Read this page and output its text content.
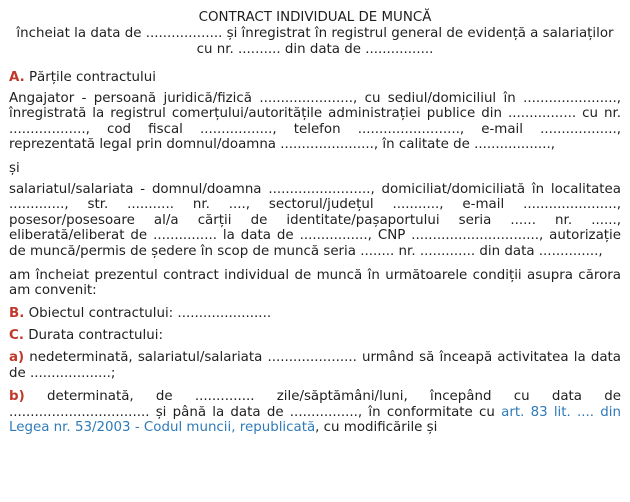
CONTRACT INDIVIDUAL DE MUNCĂ
încheiat la data de .................. și înregistrat în registrul general de evidență a salariaților cu nr. .......... din data de ................

A. Părțile contractului

Angajator - persoană juridică/fizică ......................, cu sediul/domiciliul în ......................, înregistrată la registrul comerțului/autoritățile administrației publice din ................ cu nr. .................., cod fiscal ................., telefon ........................, e-mail .................., reprezentată legal prin domnul/doamna ......................, în calitate de ..................,

și

salariatul/salariata - domnul/doamna ........................, domiciliat/domiciliată în localitatea ............., str. ........... nr. ...., sectorul/județul ..........., e-mail ......................, posesor/posesoare al/a cărții de identitate/pașaportului seria ...... nr. ......, eliberată/eliberat de ............... la data de ................, CNP .............................., autorizație de muncă/permis de ședere în scop de muncă seria ........ nr. ............. din data ..............,

am încheiat prezentul contract individual de muncă în următoarele condiții asupra cărora am convenit:

B. Obiectul contractului: ......................

C. Durata contractului:

a) nedeterminată, salariatul/salariata ..................... urmând să înceapă activitatea la data de ...................;

b) determinată, de .............. zile/săptămâni/luni, începând cu data de ................................. și până la data de ................, în conformitate cu art. 83 lit. .... din Legea nr. 53/2003 - Codul muncii, republicată, cu modificările și
